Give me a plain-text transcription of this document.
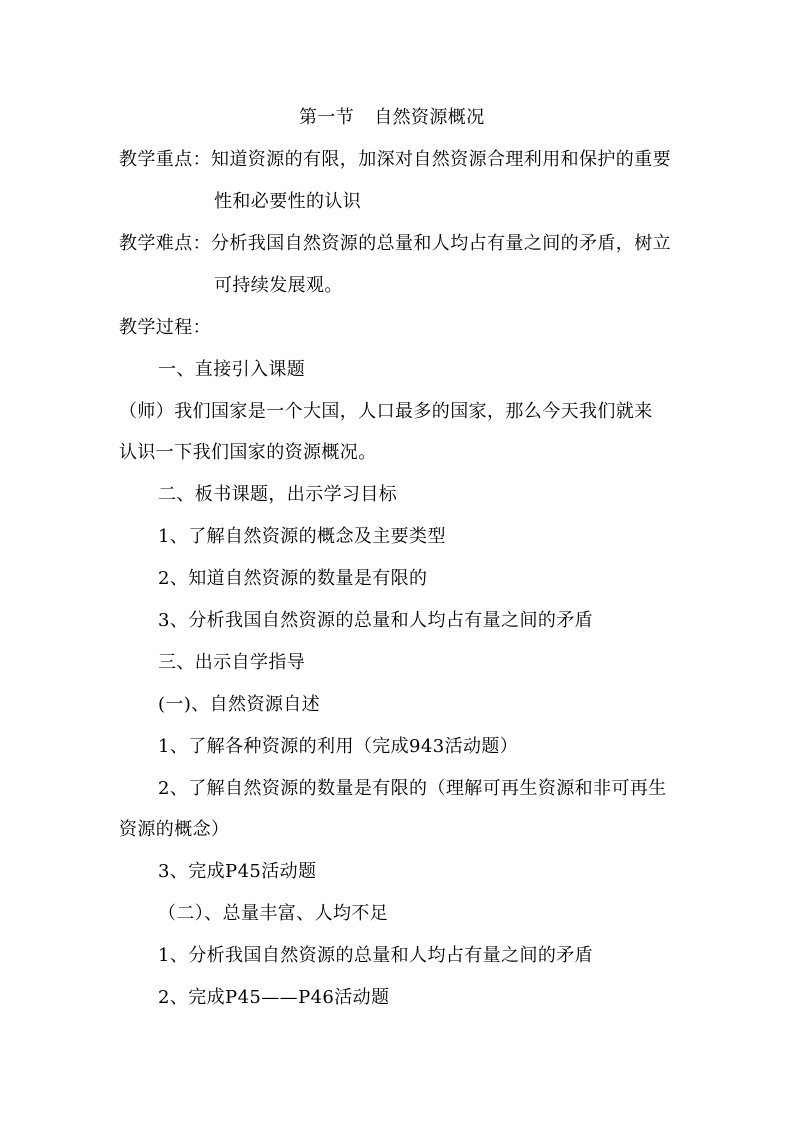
第一节 自然资源概况
教学重点：知道资源的有限，加深对自然资源合理利用和保护的重要
性和必要性的认识
教学难点：分析我国自然资源的总量和人均占有量之间的矛盾，树立
可持续发展观。
教学过程：
一、直接引入课题
（师）我们国家是一个大国，人口最多的国家，那么今天我们就来
认识一下我们国家的资源概况。
二、板书课题，出示学习目标
1、了解自然资源的概念及主要类型
2、知道自然资源的数量是有限的
3、分析我国自然资源的总量和人均占有量之间的矛盾
三、出示自学指导
(一)、自然资源自述
1、了解各种资源的利用（完成943活动题）
2、了解自然资源的数量是有限的（理解可再生资源和非可再生
资源的概念）
3、完成P45活动题
（二）、总量丰富、人均不足
1、分析我国自然资源的总量和人均占有量之间的矛盾
2、完成P45——P46活动题
